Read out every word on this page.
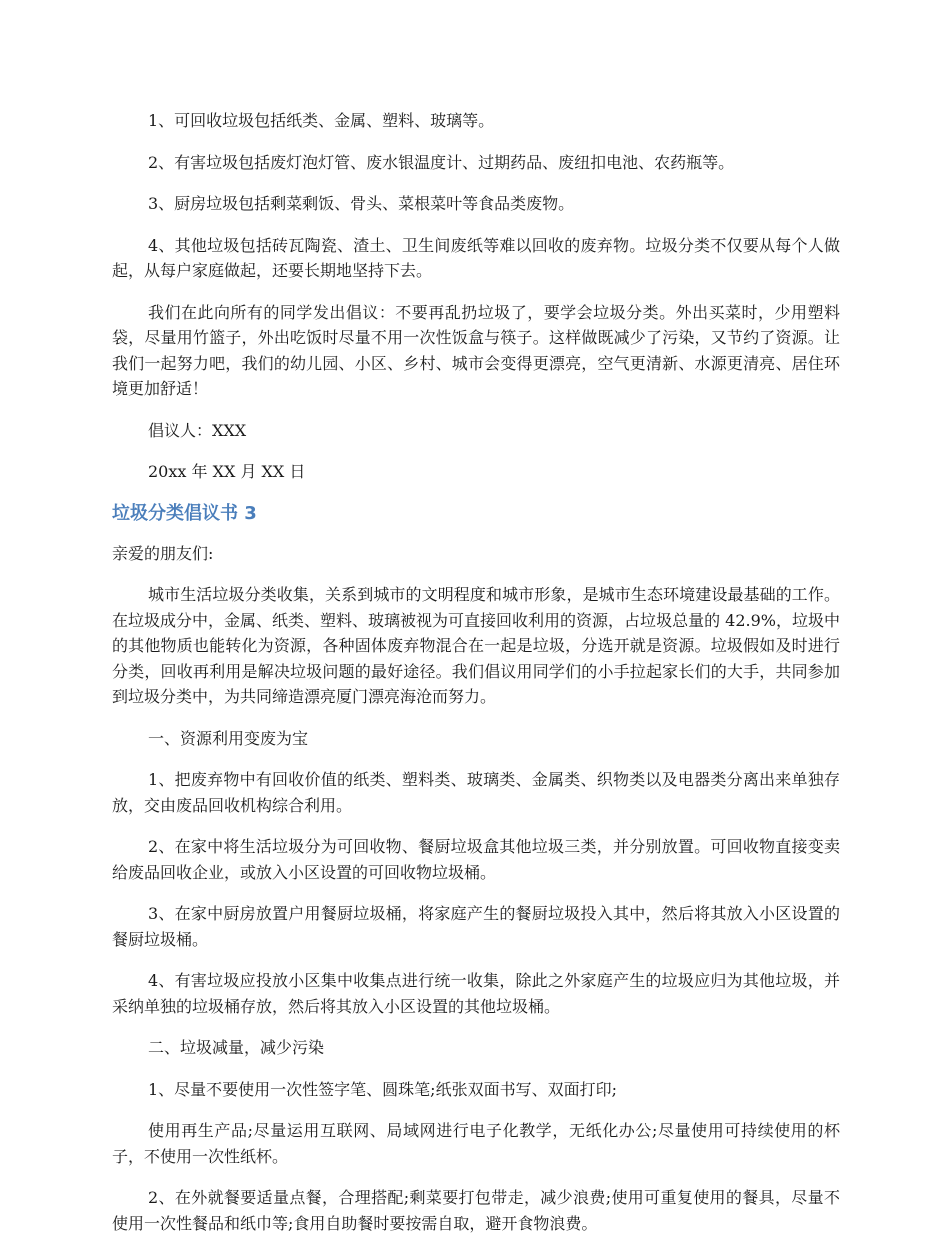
1、可回收垃圾包括纸类、金属、塑料、玻璃等。

2、有害垃圾包括废灯泡灯管、废水银温度计、过期药品、废纽扣电池、农药瓶等。

3、厨房垃圾包括剩菜剩饭、骨头、菜根菜叶等食品类废物。

4、其他垃圾包括砖瓦陶瓷、渣土、卫生间废纸等难以回收的废弃物。垃圾分类不仅要从每个人做起，从每户家庭做起，还要长期地坚持下去。

我们在此向所有的同学发出倡议：不要再乱扔垃圾了，要学会垃圾分类。外出买菜时，少用塑料袋，尽量用竹篮子，外出吃饭时尽量不用一次性饭盒与筷子。这样做既减少了污染，又节约了资源。让我们一起努力吧，我们的幼儿园、小区、乡村、城市会变得更漂亮，空气更清新、水源更清亮、居住环境更加舒适！

倡议人：XXX

20xx 年 XX 月 XX 日

垃圾分类倡议书 3

亲爱的朋友们:

城市生活垃圾分类收集，关系到城市的文明程度和城市形象，是城市生态环境建设最基础的工作。在垃圾成分中，金属、纸类、塑料、玻璃被视为可直接回收利用的资源，占垃圾总量的 42.9%，垃圾中的其他物质也能转化为资源，各种固体废弃物混合在一起是垃圾，分选开就是资源。垃圾假如及时进行分类，回收再利用是解决垃圾问题的最好途径。我们倡议用同学们的小手拉起家长们的大手，共同参加到垃圾分类中，为共同缔造漂亮厦门漂亮海沧而努力。

一、资源利用变废为宝

1、把废弃物中有回收价值的纸类、塑料类、玻璃类、金属类、织物类以及电器类分离出来单独存放，交由废品回收机构综合利用。

2、在家中将生活垃圾分为可回收物、餐厨垃圾盒其他垃圾三类，并分别放置。可回收物直接变卖给废品回收企业，或放入小区设置的可回收物垃圾桶。

3、在家中厨房放置户用餐厨垃圾桶，将家庭产生的餐厨垃圾投入其中，然后将其放入小区设置的餐厨垃圾桶。

4、有害垃圾应投放小区集中收集点进行统一收集，除此之外家庭产生的垃圾应归为其他垃圾，并采纳单独的垃圾桶存放，然后将其放入小区设置的其他垃圾桶。

二、垃圾减量，减少污染

1、尽量不要使用一次性签字笔、圆珠笔;纸张双面书写、双面打印;

使用再生产品;尽量运用互联网、局域网进行电子化教学，无纸化办公;尽量使用可持续使用的杯子，不使用一次性纸杯。

2、在外就餐要适量点餐，合理搭配;剩菜要打包带走，减少浪费;使用可重复使用的餐具，尽量不使用一次性餐品和纸巾等;食用自助餐时要按需自取，避开食物浪费。
